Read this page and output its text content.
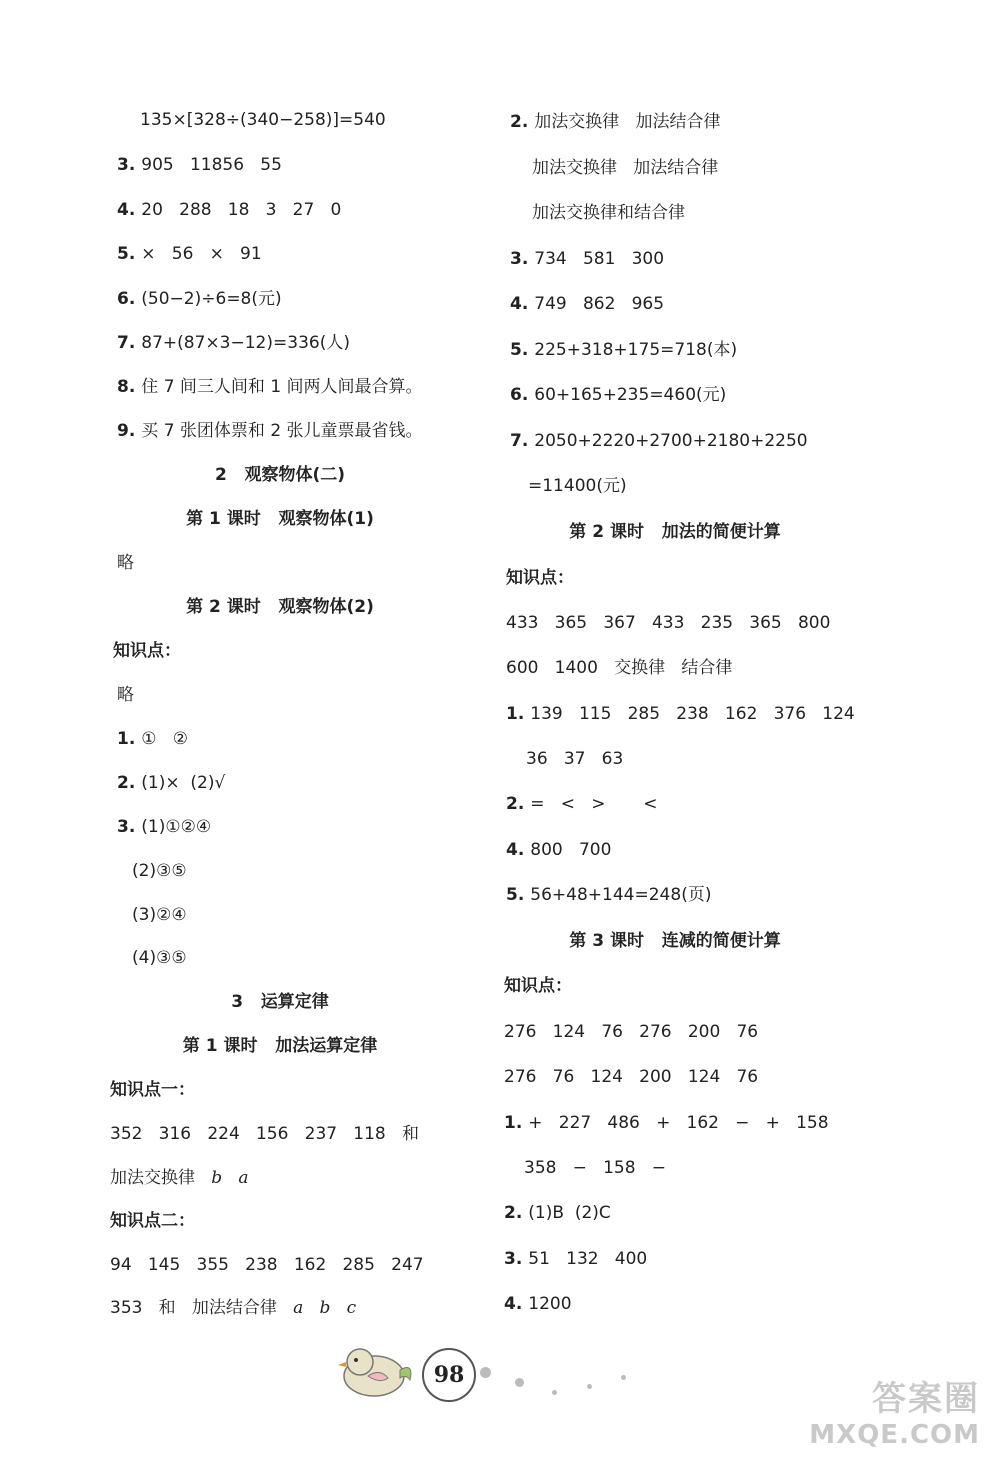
135×[328÷(340−258)]=540
3. 905   11856   55
4. 20   288   18   3   27   0
5. ×   56   ×   91
6. (50−2)÷6=8(元)
7. 87+(87×3−12)=336(人)
8. 住 7 间三人间和 1 间两人间最合算。
9. 买 7 张团体票和 2 张儿童票最省钱。
2   观察物体(二)
第 1 课时   观察物体(1)
略
第 2 课时   观察物体(2)
知识点：
略
1. ①   ②
2. (1)×  (2)√
3. (1)①②④
(2)③⑤
(3)②④
(4)③⑤
3   运算定律
第 1 课时   加法运算定律
知识点一：
352   316   224   156   237   118   和
加法交换律 b a
知识点二：
94   145   355   238   162   285   247
353   和   加法结合律 a b c
2. 加法交换律   加法结合律
加法交换律   加法结合律
加法交换律和结合律
3. 734   581   300
4. 749   862   965
5. 225+318+175=718(本)
6. 60+165+235=460(元)
7. 2050+2220+2700+2180+2250
=11400(元)
第 2 课时   加法的简便计算
知识点：
433   365   367   433   235   365   800
600   1400   交换律   结合律
1. 139   115   285   238   162   376   124
36   37   63
2. =   <   >       <
4. 800   700
5. 56+48+144=248(页)
第 3 课时   连减的简便计算
知识点：
276   124   76   276   200   76
276   76   124   200   124   76
1. +   227   486   +   162   −   +   158
358   −   158   −
2. (1)B  (2)C
3. 51   132   400
4. 1200
98
答案圈
MXQE.COM
